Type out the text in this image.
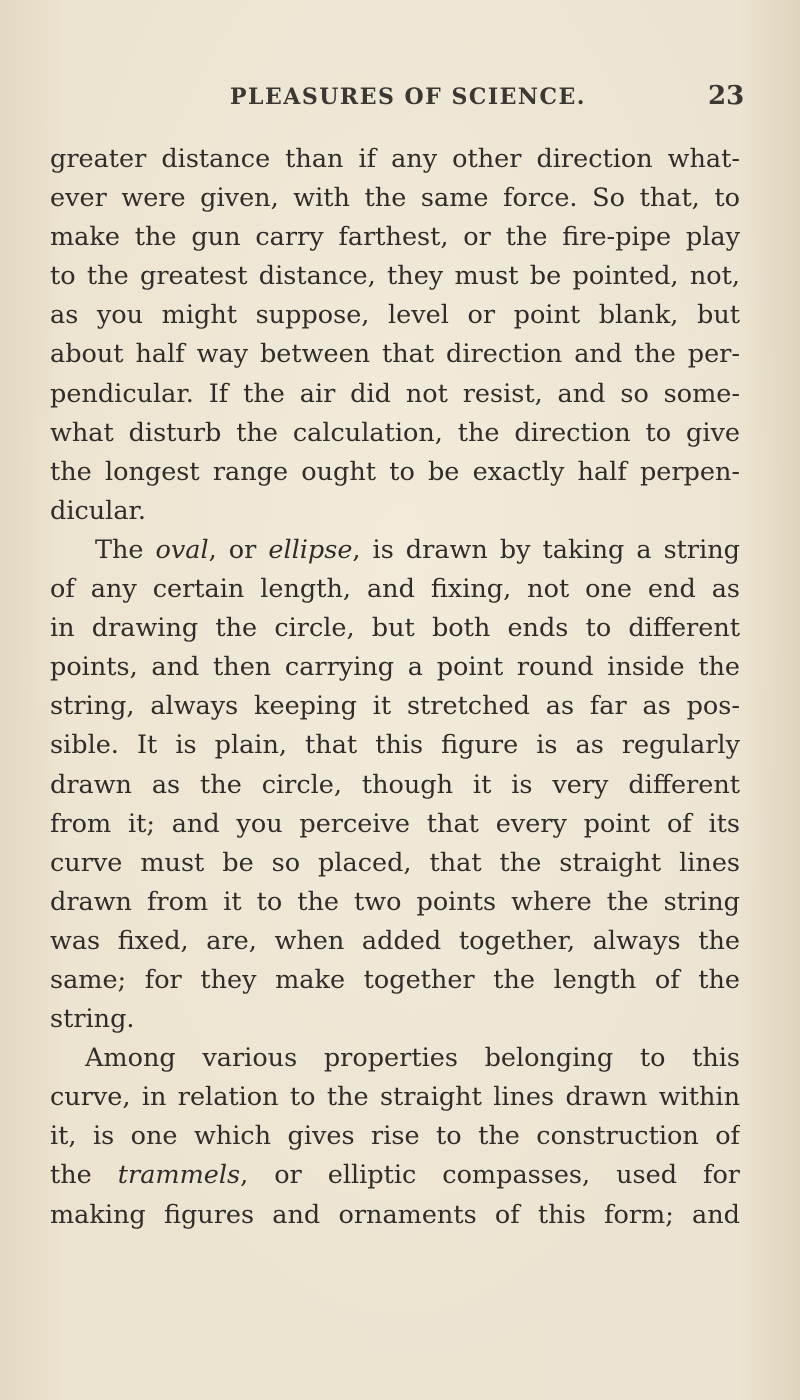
PLEASURES OF SCIENCE.	23
greater distance than if any other direction what-
ever were given, with the same force. So that, to
make the gun carry farthest, or the fire-pipe play
to the greatest distance, they must be pointed, not,
as you might suppose, level or point blank, but
about half way between that direction and the per-
pendicular. If the air did not resist, and so some-
what disturb the calculation, the direction to give
the longest range ought to be exactly half perpen-
dicular.
The oval, or ellipse, is drawn by taking a string
of any certain length, and fixing, not one end as
in drawing the circle, but both ends to different
points, and then carrying a point round inside the
string, always keeping it stretched as far as pos-
sible. It is plain, that this figure is as regularly
drawn as the circle, though it is very different
from it; and you perceive that every point of its
curve must be so placed, that the straight lines
drawn from it to the two points where the string
was fixed, are, when added together, always the
same; for they make together the length of the
string.
Among various properties belonging to this
curve, in relation to the straight lines drawn within
it, is one which gives rise to the construction of
the trammels, or elliptic compasses, used for
making figures and ornaments of this form; and
